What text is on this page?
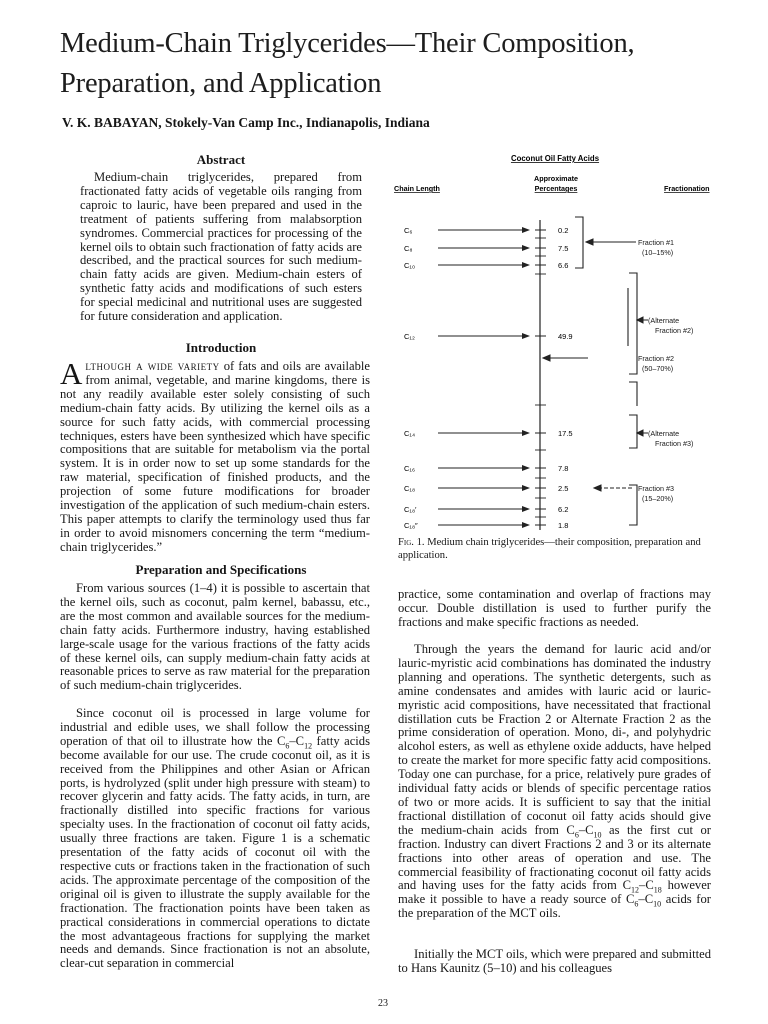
Medium-Chain Triglycerides—Their Composition, Preparation, and Application

V. K. BABAYAN, Stokely-Van Camp Inc., Indianapolis, Indiana

Abstract

Medium-chain triglycerides, prepared from fractionated fatty acids of vegetable oils ranging from caproic to lauric, have been prepared and used in the treatment of patients suffering from malabsorption syndromes. Commercial practices for processing of the kernel oils to obtain such fractionation of fatty acids are described, and the practical sources for such medium-chain fatty acids are given. Medium-chain esters of synthetic fatty acids and modifications of such esters for special medicinal and nutritional uses are suggested for future consideration and application.

Introduction

Although a wide variety of fats and oils are available from animal, vegetable, and marine kingdoms, there is not any readily available ester solely consisting of such medium-chain fatty acids. By utilizing the kernel oils as a source for such fatty acids, with commercial processing techniques, esters have been synthesized which have specific compositions that are suitable for metabolism via the portal system. It is in order now to set up some standards for the raw material, specification of finished products, and the projection of some future modifications for broader investigation of the application of such medium-chain esters. This paper attempts to clarify the terminology used thus far in order to avoid misnomers concerning the term “medium-chain triglycerides.”

Preparation and Specifications

From various sources (1–4) it is possible to ascertain that the kernel oils, such as coconut, palm kernel, babassu, etc., are the most common and available sources for the medium-chain fatty acids. Furthermore industry, having established large-scale usage for the various fractions of the fatty acids of these kernel oils, can supply medium-chain fatty acids at reasonable prices to serve as raw material for the preparation of such medium-chain triglycerides.

Since coconut oil is processed in large volume for industrial and edible uses, we shall follow the processing operation of that oil to illustrate how the $C_6-C_{12}$ fatty acids become available for our use. The crude coconut oil, as it is received from the Philippines and other Asian or African ports, is hydrolyzed (split under high pressure with steam) to recover glycerin and fatty acids. The fatty acids, in turn, are fractionally distilled into specific fractions for various specialty uses. In the fractionation of coconut oil fatty acids, usually three fractions are taken. Figure 1 is a schematic presentation of the fatty acids of coconut oil with the respective cuts or fractions taken in the fractionation of such acids. The approximate percentage of the composition of the original oil is given to illustrate the supply available for the fractionation. The fractionation points have been taken as practical considerations in commercial operations to dictate the most advantageous fractions for supplying the market needs and demands. Since fractionation is not an absolute, clear-cut separation in commercial

practice, some contamination and overlap of fractions may occur. Double distillation is used to further purify the fractions and make specific fractions as needed.

Through the years the demand for lauric acid and/or lauric-myristic acid combinations has dominated the industry planning and operations. The synthetic detergents, such as amine condensates and amides with lauric acid or lauric-myristic acid compositions, have necessitated that fractional distillation cuts be Fraction 2 or Alternate Fraction 2 as the prime consideration of operation. Mono, di-, and polyhydric alcohol esters, as well as ethylene oxide adducts, have helped to create the market for more specific fatty acid compositions. Today one can purchase, for a price, relatively pure grades of individual fatty acids or blends of specific percentage ratios of two or more acids. It is sufficient to say that the initial fractional distillation of coconut oil fatty acids should give the medium-chain acids from $C_6-C_{10}$ as the first cut or fraction. Industry can divert Fractions 2 and 3 or its alternate fractions into other areas of operation and use. The commercial feasibility of fractionating coconut oil fatty acids and having uses for the fatty acids from $C_{12}-C_{18}$ however make it possible to have a ready source of $C_6-C_{10}$ acids for the preparation of the MCT oils.

Initially the MCT oils, which were prepared and submitted to Hans Kaunitz (5–10) and his colleagues

Coconut Oil Fatty Acids
Chain Length
Approximate
Percentages	Fractionation
C₆	0.2
C₈	7.5
C₁₀	6.6
C₁₂	49.9
C₁₄	17.5
C₁₆	7.8
C₁₈	2.5
C₁₈′	6.2
C₁₈″	1.8
Fraction #1
(10–15%)
(Alternate
Fraction #2)
Fraction #2
(50–70%)
(Alternate
Fraction #3)
Fraction #3
(15–20%)

Fig. 1. Medium chain triglycerides—their composition, preparation and application.

23
